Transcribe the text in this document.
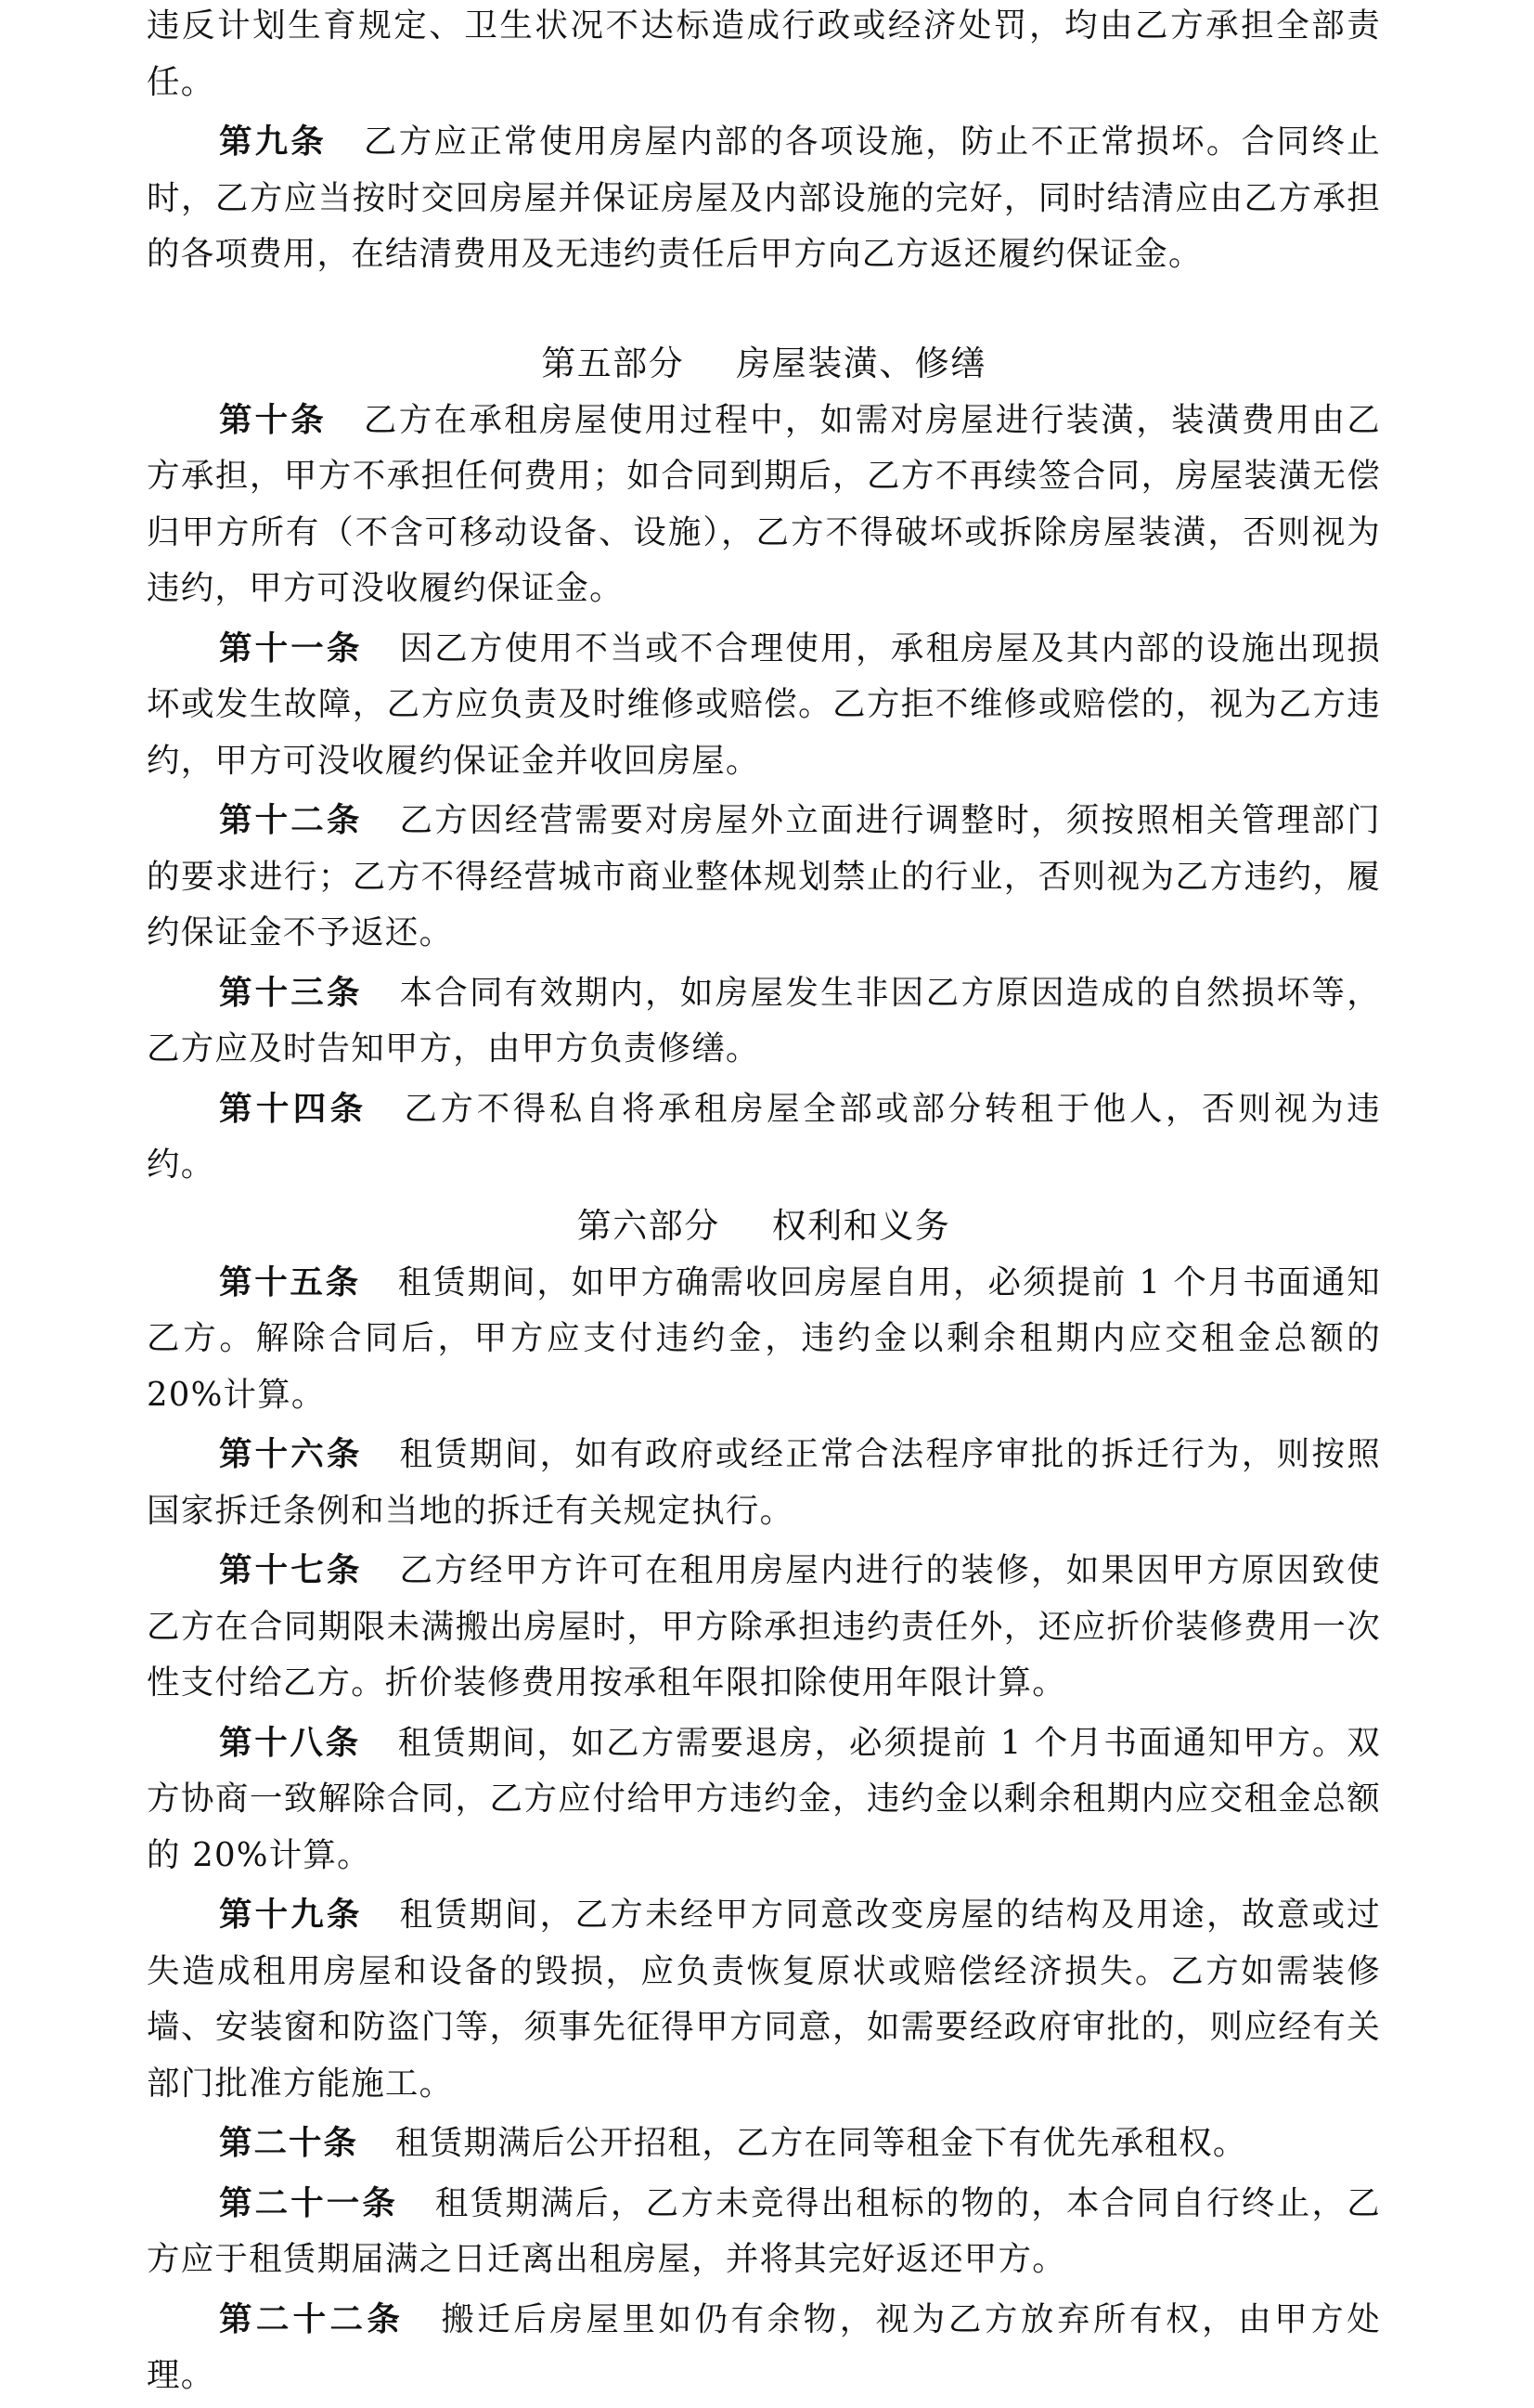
违反计划生育规定、卫生状况不达标造成行政或经济处罚，均由乙方承担全部责任。

第九条 乙方应正常使用房屋内部的各项设施，防止不正常损坏。合同终止时，乙方应当按时交回房屋并保证房屋及内部设施的完好，同时结清应由乙方承担的各项费用，在结清费用及无违约责任后甲方向乙方返还履约保证金。

第五部分 房屋装潢、修缮

第十条 乙方在承租房屋使用过程中，如需对房屋进行装潢，装潢费用由乙方承担，甲方不承担任何费用；如合同到期后，乙方不再续签合同，房屋装潢无偿归甲方所有（不含可移动设备、设施），乙方不得破坏或拆除房屋装潢，否则视为违约，甲方可没收履约保证金。

第十一条 因乙方使用不当或不合理使用，承租房屋及其内部的设施出现损坏或发生故障，乙方应负责及时维修或赔偿。乙方拒不维修或赔偿的，视为乙方违约，甲方可没收履约保证金并收回房屋。

第十二条 乙方因经营需要对房屋外立面进行调整时，须按照相关管理部门的要求进行；乙方不得经营城市商业整体规划禁止的行业，否则视为乙方违约，履约保证金不予返还。

第十三条 本合同有效期内，如房屋发生非因乙方原因造成的自然损坏等，乙方应及时告知甲方，由甲方负责修缮。

第十四条 乙方不得私自将承租房屋全部或部分转租于他人，否则视为违约。

第六部分 权利和义务

第十五条 租赁期间，如甲方确需收回房屋自用，必须提前 1 个月书面通知乙方。解除合同后，甲方应支付违约金，违约金以剩余租期内应交租金总额的 20%计算。

第十六条 租赁期间，如有政府或经正常合法程序审批的拆迁行为，则按照国家拆迁条例和当地的拆迁有关规定执行。

第十七条 乙方经甲方许可在租用房屋内进行的装修，如果因甲方原因致使乙方在合同期限未满搬出房屋时，甲方除承担违约责任外，还应折价装修费用一次性支付给乙方。折价装修费用按承租年限扣除使用年限计算。

第十八条 租赁期间，如乙方需要退房，必须提前 1 个月书面通知甲方。双方协商一致解除合同，乙方应付给甲方违约金，违约金以剩余租期内应交租金总额的 20%计算。

第十九条 租赁期间，乙方未经甲方同意改变房屋的结构及用途，故意或过失造成租用房屋和设备的毁损，应负责恢复原状或赔偿经济损失。乙方如需装修墙、安装窗和防盗门等，须事先征得甲方同意，如需要经政府审批的，则应经有关部门批准方能施工。

第二十条 租赁期满后公开招租，乙方在同等租金下有优先承租权。

第二十一条 租赁期满后，乙方未竞得出租标的物的，本合同自行终止，乙方应于租赁期届满之日迁离出租房屋，并将其完好返还甲方。

第二十二条 搬迁后房屋里如仍有余物，视为乙方放弃所有权，由甲方处理。
